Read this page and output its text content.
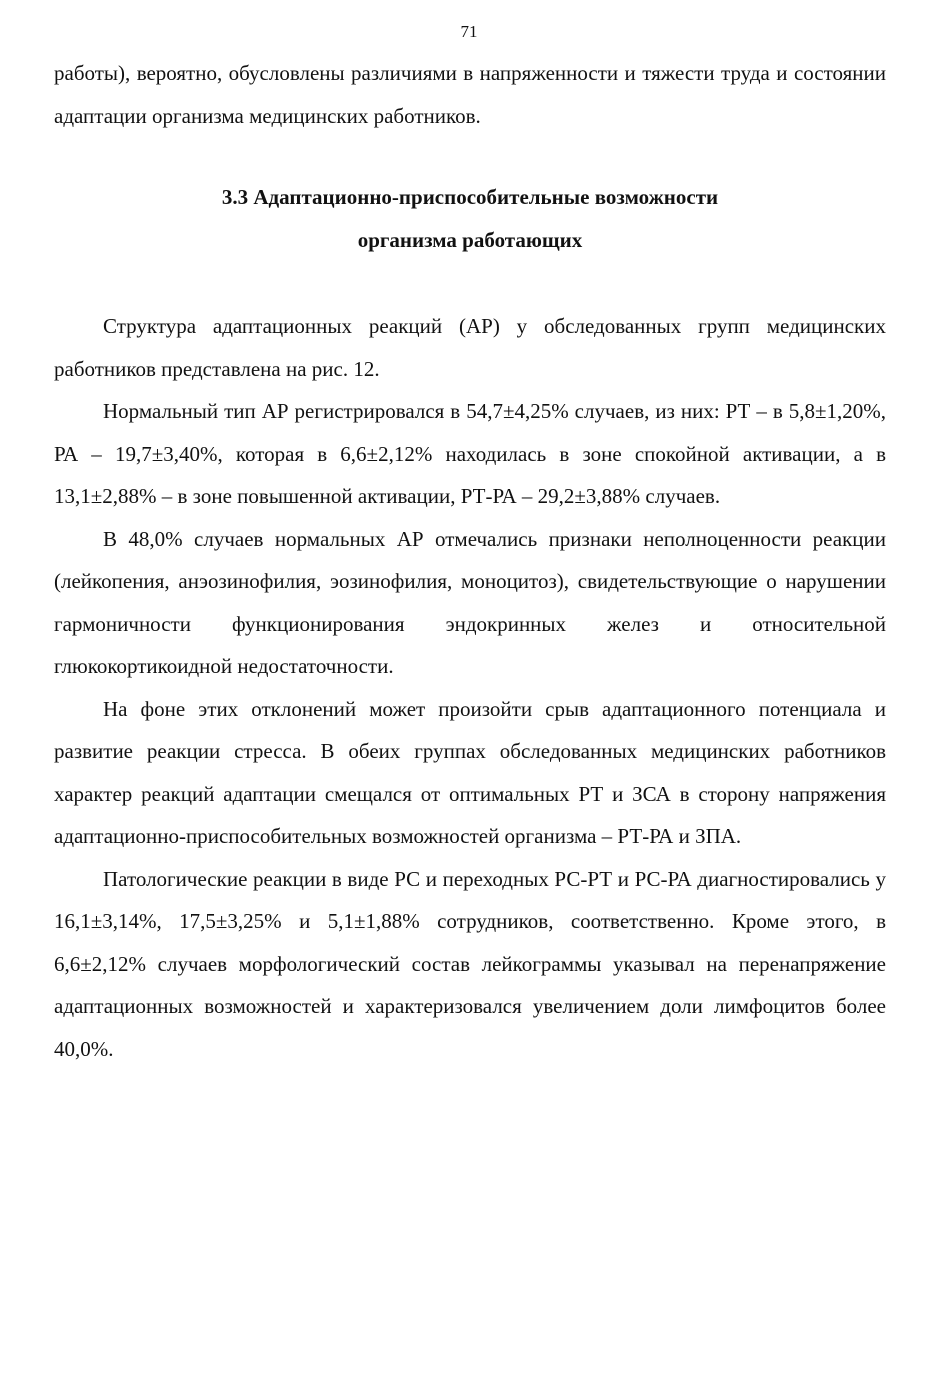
71
работы), вероятно, обусловлены различиями в напряженности и тяжести труда и состоянии адаптации организма медицинских работников.
3.3 Адаптационно-приспособительные возможности
организма работающих

Структура адаптационных реакций (АР) у обследованных групп медицинских работников представлена на рис. 12.

Нормальный тип АР регистрировался в 54,7±4,25% случаев, из них: РТ – в 5,8±1,20%, РА – 19,7±3,40%, которая в 6,6±2,12% находилась в зоне спокойной активации, а в 13,1±2,88% – в зоне повышенной активации, РТ-РА – 29,2±3,88% случаев.

В 48,0% случаев нормальных АР отмечались признаки неполноценности реакции (лейкопения, анэозинофилия, эозинофилия, моноцитоз), свидетельствующие о нарушении гармоничности функционирования эндокринных желез и относительной глюкокортикоидной недостаточности.

На фоне этих отклонений может произойти срыв адаптационного потенциала и развитие реакции стресса. В обеих группах обследованных медицинских работников характер реакций адаптации смещался от оптимальных РТ и ЗСА в сторону напряжения адаптационно-приспособительных возможностей организма – РТ-РА и ЗПА.

Патологические реакции в виде РС и переходных РС-РТ и РС-РА диагностировались у 16,1±3,14%, 17,5±3,25% и 5,1±1,88% сотрудников, соответственно. Кроме этого, в 6,6±2,12% случаев морфологический состав лейкограммы указывал на перенапряжение адаптационных возможностей и характеризовался увеличением доли лимфоцитов более 40,0%.
